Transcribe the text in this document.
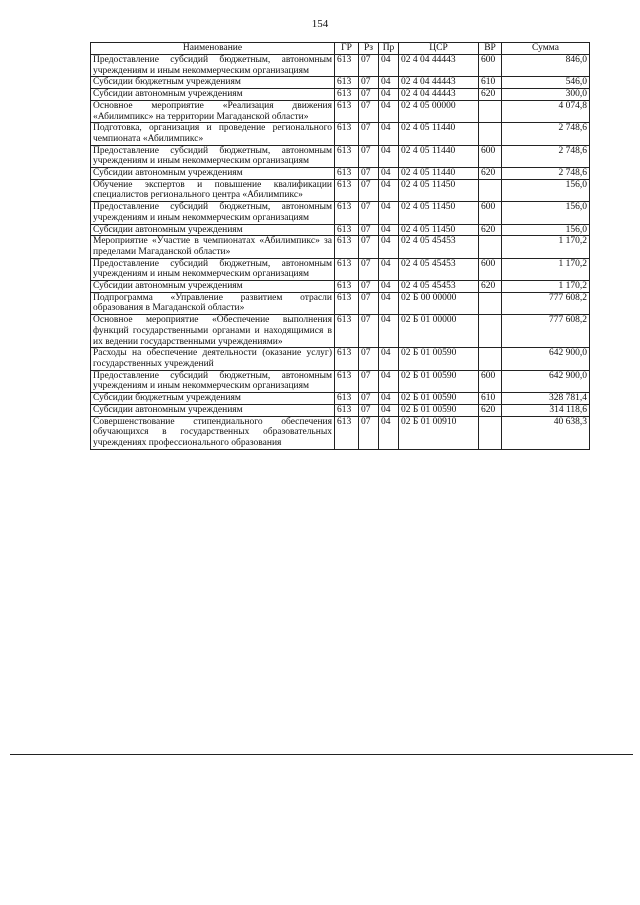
154
Наименование	ГР	Рз	Пр	ЦСР	ВР	Сумма
Предоставление субсидий бюджетным, автономным учреждениям и иным некоммерческим организациям	613	07	04	02 4 04 44443	600	846,0
Субсидии бюджетным учреждениям	613	07	04	02 4 04 44443	610	546,0
Субсидии автономным учреждениям	613	07	04	02 4 04 44443	620	300,0
Основное мероприятие «Реализация движения «Абилимпикс» на территории Магаданской области»	613	07	04	02 4 05 00000		4 074,8
Подготовка, организация и проведение регионального чемпионата «Абилимпикс»	613	07	04	02 4 05 11440		2 748,6
Предоставление субсидий бюджетным, автономным учреждениям и иным некоммерческим организациям	613	07	04	02 4 05 11440	600	2 748,6
Субсидии автономным учреждениям	613	07	04	02 4 05 11440	620	2 748,6
Обучение экспертов и повышение квалификации специалистов регионального центра «Абилимпикс»	613	07	04	02 4 05 11450		156,0
Предоставление субсидий бюджетным, автономным учреждениям и иным некоммерческим организациям	613	07	04	02 4 05 11450	600	156,0
Субсидии автономным учреждениям	613	07	04	02 4 05 11450	620	156,0
Мероприятие «Участие в чемпионатах «Абилимпикс» за пределами Магаданской области»	613	07	04	02 4 05 45453		1 170,2
Предоставление субсидий бюджетным, автономным учреждениям и иным некоммерческим организациям	613	07	04	02 4 05 45453	600	1 170,2
Субсидии автономным учреждениям	613	07	04	02 4 05 45453	620	1 170,2
Подпрограмма «Управление развитием отрасли образования в Магаданской области»	613	07	04	02 Б 00 00000		777 608,2
Основное мероприятие «Обеспечение выполнения функций государственными органами и находящимися в их ведении государственными учреждениями»	613	07	04	02 Б 01 00000		777 608,2
Расходы на обеспечение деятельности (оказание услуг) государственных учреждений	613	07	04	02 Б 01 00590		642 900,0
Предоставление субсидий бюджетным, автономным учреждениям и иным некоммерческим организациям	613	07	04	02 Б 01 00590	600	642 900,0
Субсидии бюджетным учреждениям	613	07	04	02 Б 01 00590	610	328 781,4
Субсидии автономным учреждениям	613	07	04	02 Б 01 00590	620	314 118,6
Совершенствование стипендиального обеспечения обучающихся в государственных образовательных учреждениях профессионального образования	613	07	04	02 Б 01 00910		40 638,3
